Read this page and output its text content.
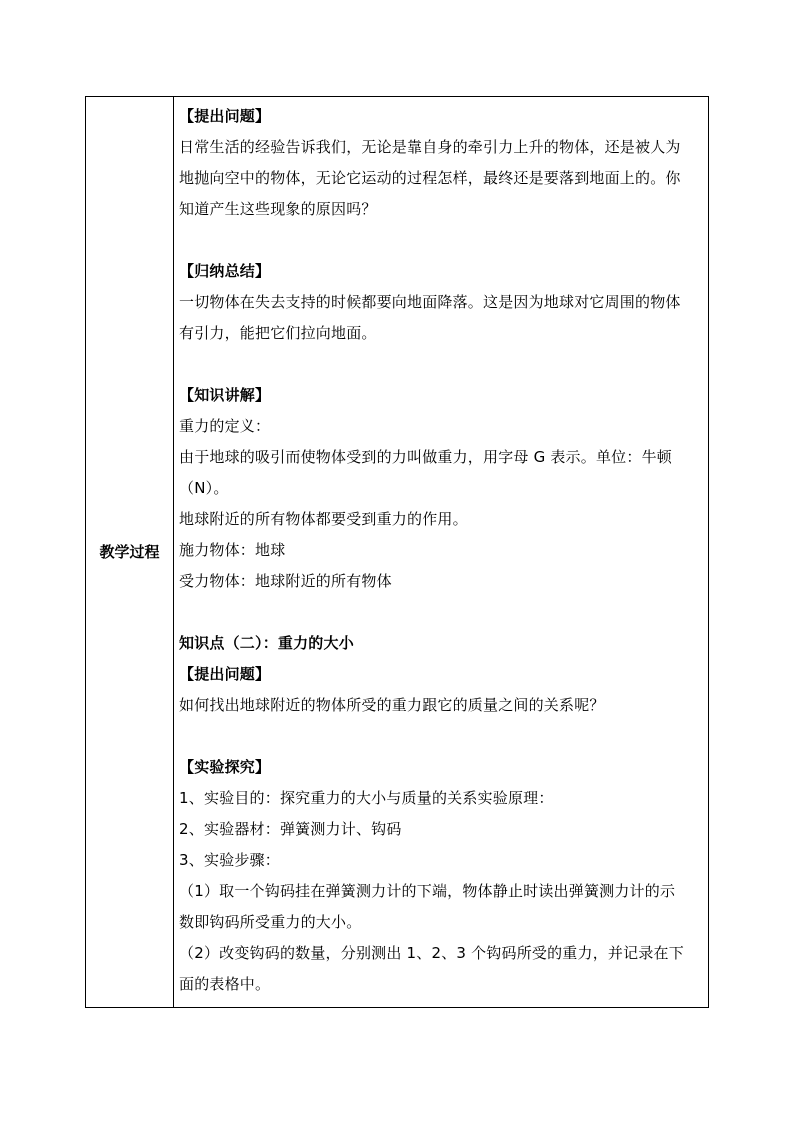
教学过程
【提出问题】
日常生活的经验告诉我们，无论是靠自身的牵引力上升的物体，还是被人为
地抛向空中的物体，无论它运动的过程怎样，最终还是要落到地面上的。你
知道产生这些现象的原因吗？
【归纳总结】
一切物体在失去支持的时候都要向地面降落。这是因为地球对它周围的物体
有引力，能把它们拉向地面。
【知识讲解】
重力的定义：
由于地球的吸引而使物体受到的力叫做重力，用字母 G 表示。单位：牛顿
（N）。
地球附近的所有物体都要受到重力的作用。
施力物体：地球
受力物体：地球附近的所有物体
知识点（二）：重力的大小
【提出问题】
如何找出地球附近的物体所受的重力跟它的质量之间的关系呢？
【实验探究】
1、实验目的：探究重力的大小与质量的关系实验原理：
2、实验器材：弹簧测力计、钩码
3、实验步骤：
（1）取一个钩码挂在弹簧测力计的下端，物体静止时读出弹簧测力计的示
数即钩码所受重力的大小。
（2）改变钩码的数量，分别测出 1、2、3 个钩码所受的重力，并记录在下
面的表格中。
